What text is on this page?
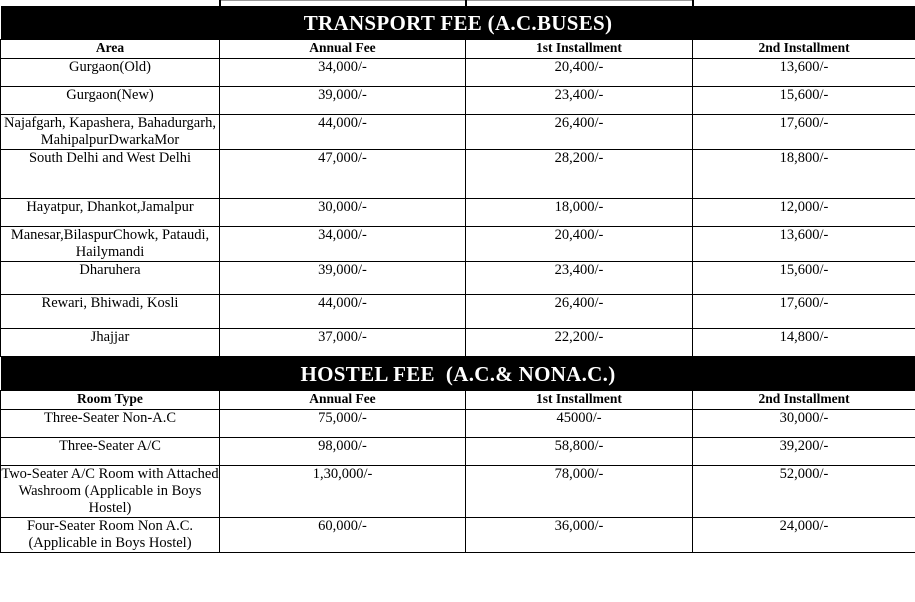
TRANSPORT FEE (A.C.BUSES)			

Area	Annual Fee	1st Installment	2nd Installment
Gurgaon(Old)	34,000/-	20,400/-	13,600/-
Gurgaon(New)	39,000/-	23,400/-	15,600/-
Najafgarh, Kapashera, Bahadurgarh, MahipalpurDwarkaMor	44,000/-	26,400/-	17,600/-
South Delhi and West Delhi	47,000/-	28,200/-	18,800/-
Hayatpur, Dhankot,Jamalpur	30,000/-	18,000/-	12,000/-
Manesar,BilaspurChowk, Pataudi, Hailymandi	34,000/-	20,400/-	13,600/-
Dharuhera	39,000/-	23,400/-	15,600/-
Rewari, Bhiwadi, Kosli	44,000/-	26,400/-	17,600/-
Jhajjar	37,000/-	22,200/-	14,800/-
HOSTEL FEE  (A.C.& NONA.C.)			

Room Type	Annual Fee	1st Installment	2nd Installment
Three-Seater Non-A.C	75,000/-	45000/-	30,000/-
Three-Seater A/C	98,000/-	58,800/-	39,200/-
Two-Seater A/C Room with Attached Washroom (Applicable in Boys Hostel)	1,30,000/-	78,000/-	52,000/-
Four-Seater Room Non A.C. (Applicable in Boys Hostel)	60,000/-	36,000/-	24,000/-
